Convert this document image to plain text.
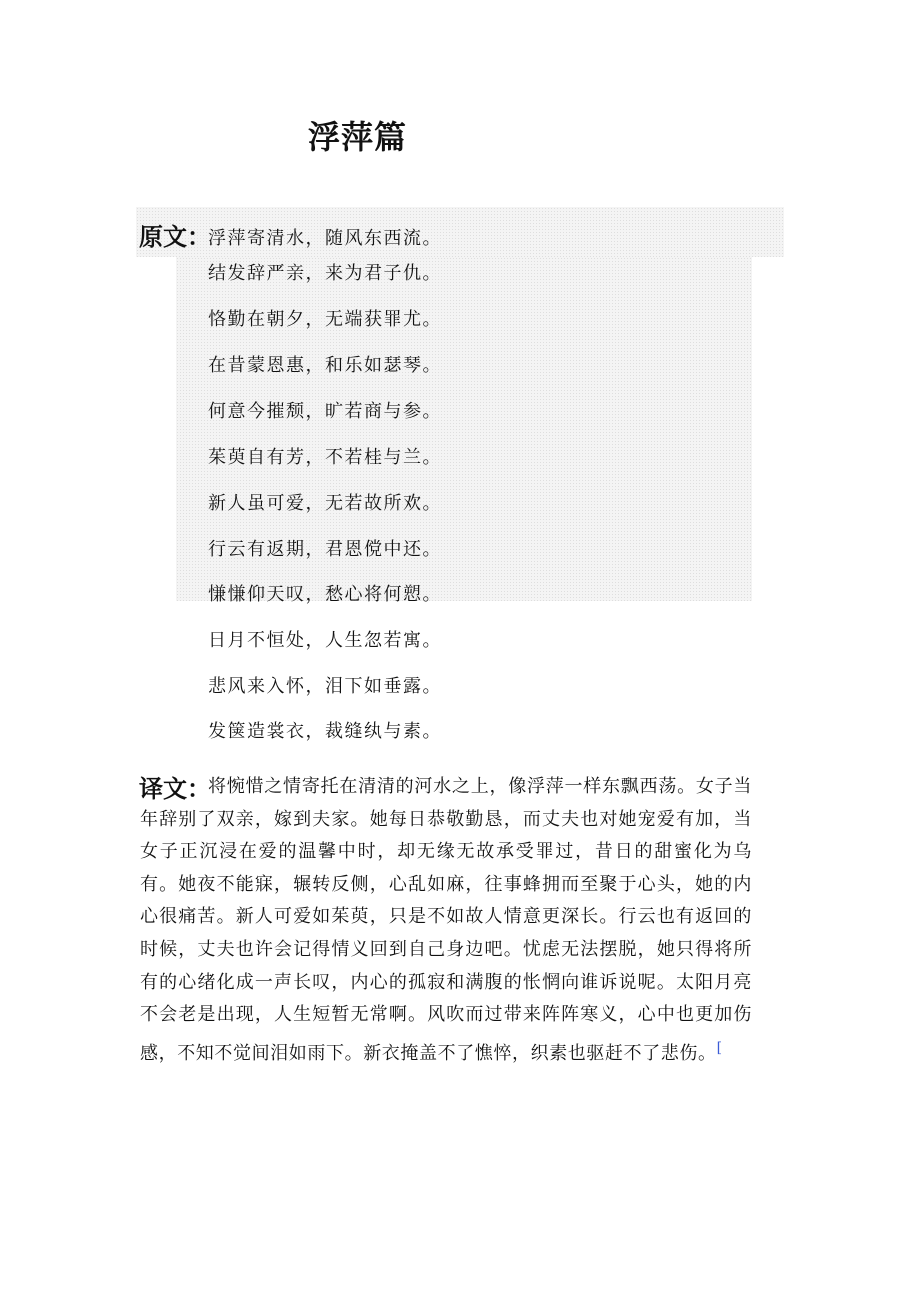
浮萍篇
原文：
浮萍寄清水，随风东西流。
结发辞严亲，来为君子仇。
恪勤在朝夕，无端获罪尤。
在昔蒙恩惠，和乐如瑟琴。
何意今摧颓，旷若商与参。
茱萸自有芳，不若桂与兰。
新人虽可爱，无若故所欢。
行云有返期，君恩傥中还。
慊慊仰天叹，愁心将何愬。
日月不恒处，人生忽若寓。
悲风来入怀，泪下如垂露。
发箧造裳衣，裁缝纨与素。
译文：

将惋惜之情寄托在清清的河水之上，像浮萍一样东飘西荡。女子当年辞别了双亲，嫁到夫家。她每日恭敬勤恳，而丈夫也对她宠爱有加，当女子正沉浸在爱的温馨中时，却无缘无故承受罪过，昔日的甜蜜化为乌有。她夜不能寐，辗转反侧，心乱如麻，往事蜂拥而至聚于心头，她的内心很痛苦。新人可爱如茱萸，只是不如故人情意更深长。行云也有返回的时候，丈夫也许会记得情义回到自己身边吧。忧虑无法摆脱，她只得将所有的心绪化成一声长叹，内心的孤寂和满腹的怅惘向谁诉说呢。太阳月亮不会老是出现，人生短暂无常啊。风吹而过带来阵阵寒义，心中也更加伤感，不知不觉间泪如雨下。新衣掩盖不了憔悴，织素也驱赶不了悲伤。[
